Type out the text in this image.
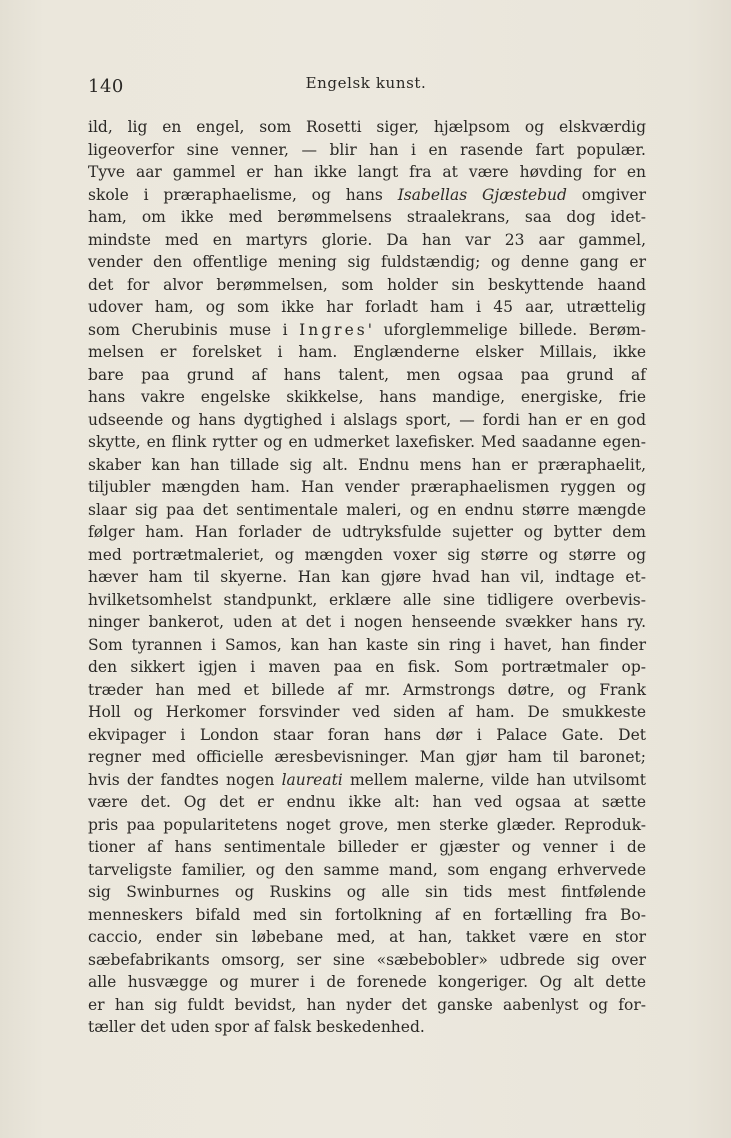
140	Engelsk kunst.
ild, lig en engel, som Rosetti siger, hjælpsom og elskværdig
ligeoverfor sine venner, — blir han i en rasende fart populær.
Tyve aar gammel er han ikke langt fra at være høvding for en
skole i præraphaelisme, og hans Isabellas Gjæstebud omgiver
ham, om ikke med berømmelsens straalekrans, saa dog idet-
mindste med en martyrs glorie. Da han var 23 aar gammel,
vender den offentlige mening sig fuldstændig; og denne gang er
det for alvor berømmelsen, som holder sin beskyttende haand
udover ham, og som ikke har forladt ham i 45 aar, utrættelig
som Cherubinis muse i Ingres' uforglemmelige billede. Berøm-
melsen er forelsket i ham. Englænderne elsker Millais, ikke
bare paa grund af hans talent, men ogsaa paa grund af
hans vakre engelske skikkelse, hans mandige, energiske, frie
udseende og hans dygtighed i alslags sport, — fordi han er en god
skytte, en flink rytter og en udmerket laxefisker. Med saadanne egen-
skaber kan han tillade sig alt. Endnu mens han er præraphaelit,
tiljubler mængden ham. Han vender præraphaelismen ryggen og
slaar sig paa det sentimentale maleri, og en endnu større mængde
følger ham. Han forlader de udtryksfulde sujetter og bytter dem
med portrætmaleriet, og mængden voxer sig større og større og
hæver ham til skyerne. Han kan gjøre hvad han vil, indtage et-
hvilketsomhelst standpunkt, erklære alle sine tidligere overbevis-
ninger bankerot, uden at det i nogen henseende svækker hans ry.
Som tyrannen i Samos, kan han kaste sin ring i havet, han finder
den sikkert igjen i maven paa en fisk. Som portrætmaler op-
træder han med et billede af mr. Armstrongs døtre, og Frank
Holl og Herkomer forsvinder ved siden af ham. De smukkeste
ekvipager i London staar foran hans dør i Palace Gate. Det
regner med officielle æresbevisninger. Man gjør ham til baronet;
hvis der fandtes nogen laureati mellem malerne, vilde han utvilsomt
være det. Og det er endnu ikke alt: han ved ogsaa at sætte
pris paa popularitetens noget grove, men sterke glæder. Reproduk-
tioner af hans sentimentale billeder er gjæster og venner i de
tarveligste familier, og den samme mand, som engang erhvervede
sig Swinburnes og Ruskins og alle sin tids mest fintfølende
menneskers bifald med sin fortolkning af en fortælling fra Bo-
caccio, ender sin løbebane med, at han, takket være en stor
sæbefabrikants omsorg, ser sine «sæbebobler» udbrede sig over
alle husvægge og murer i de forenede kongeriger. Og alt dette
er han sig fuldt bevidst, han nyder det ganske aabenlyst og for-
tæller det uden spor af falsk beskedenhed.
